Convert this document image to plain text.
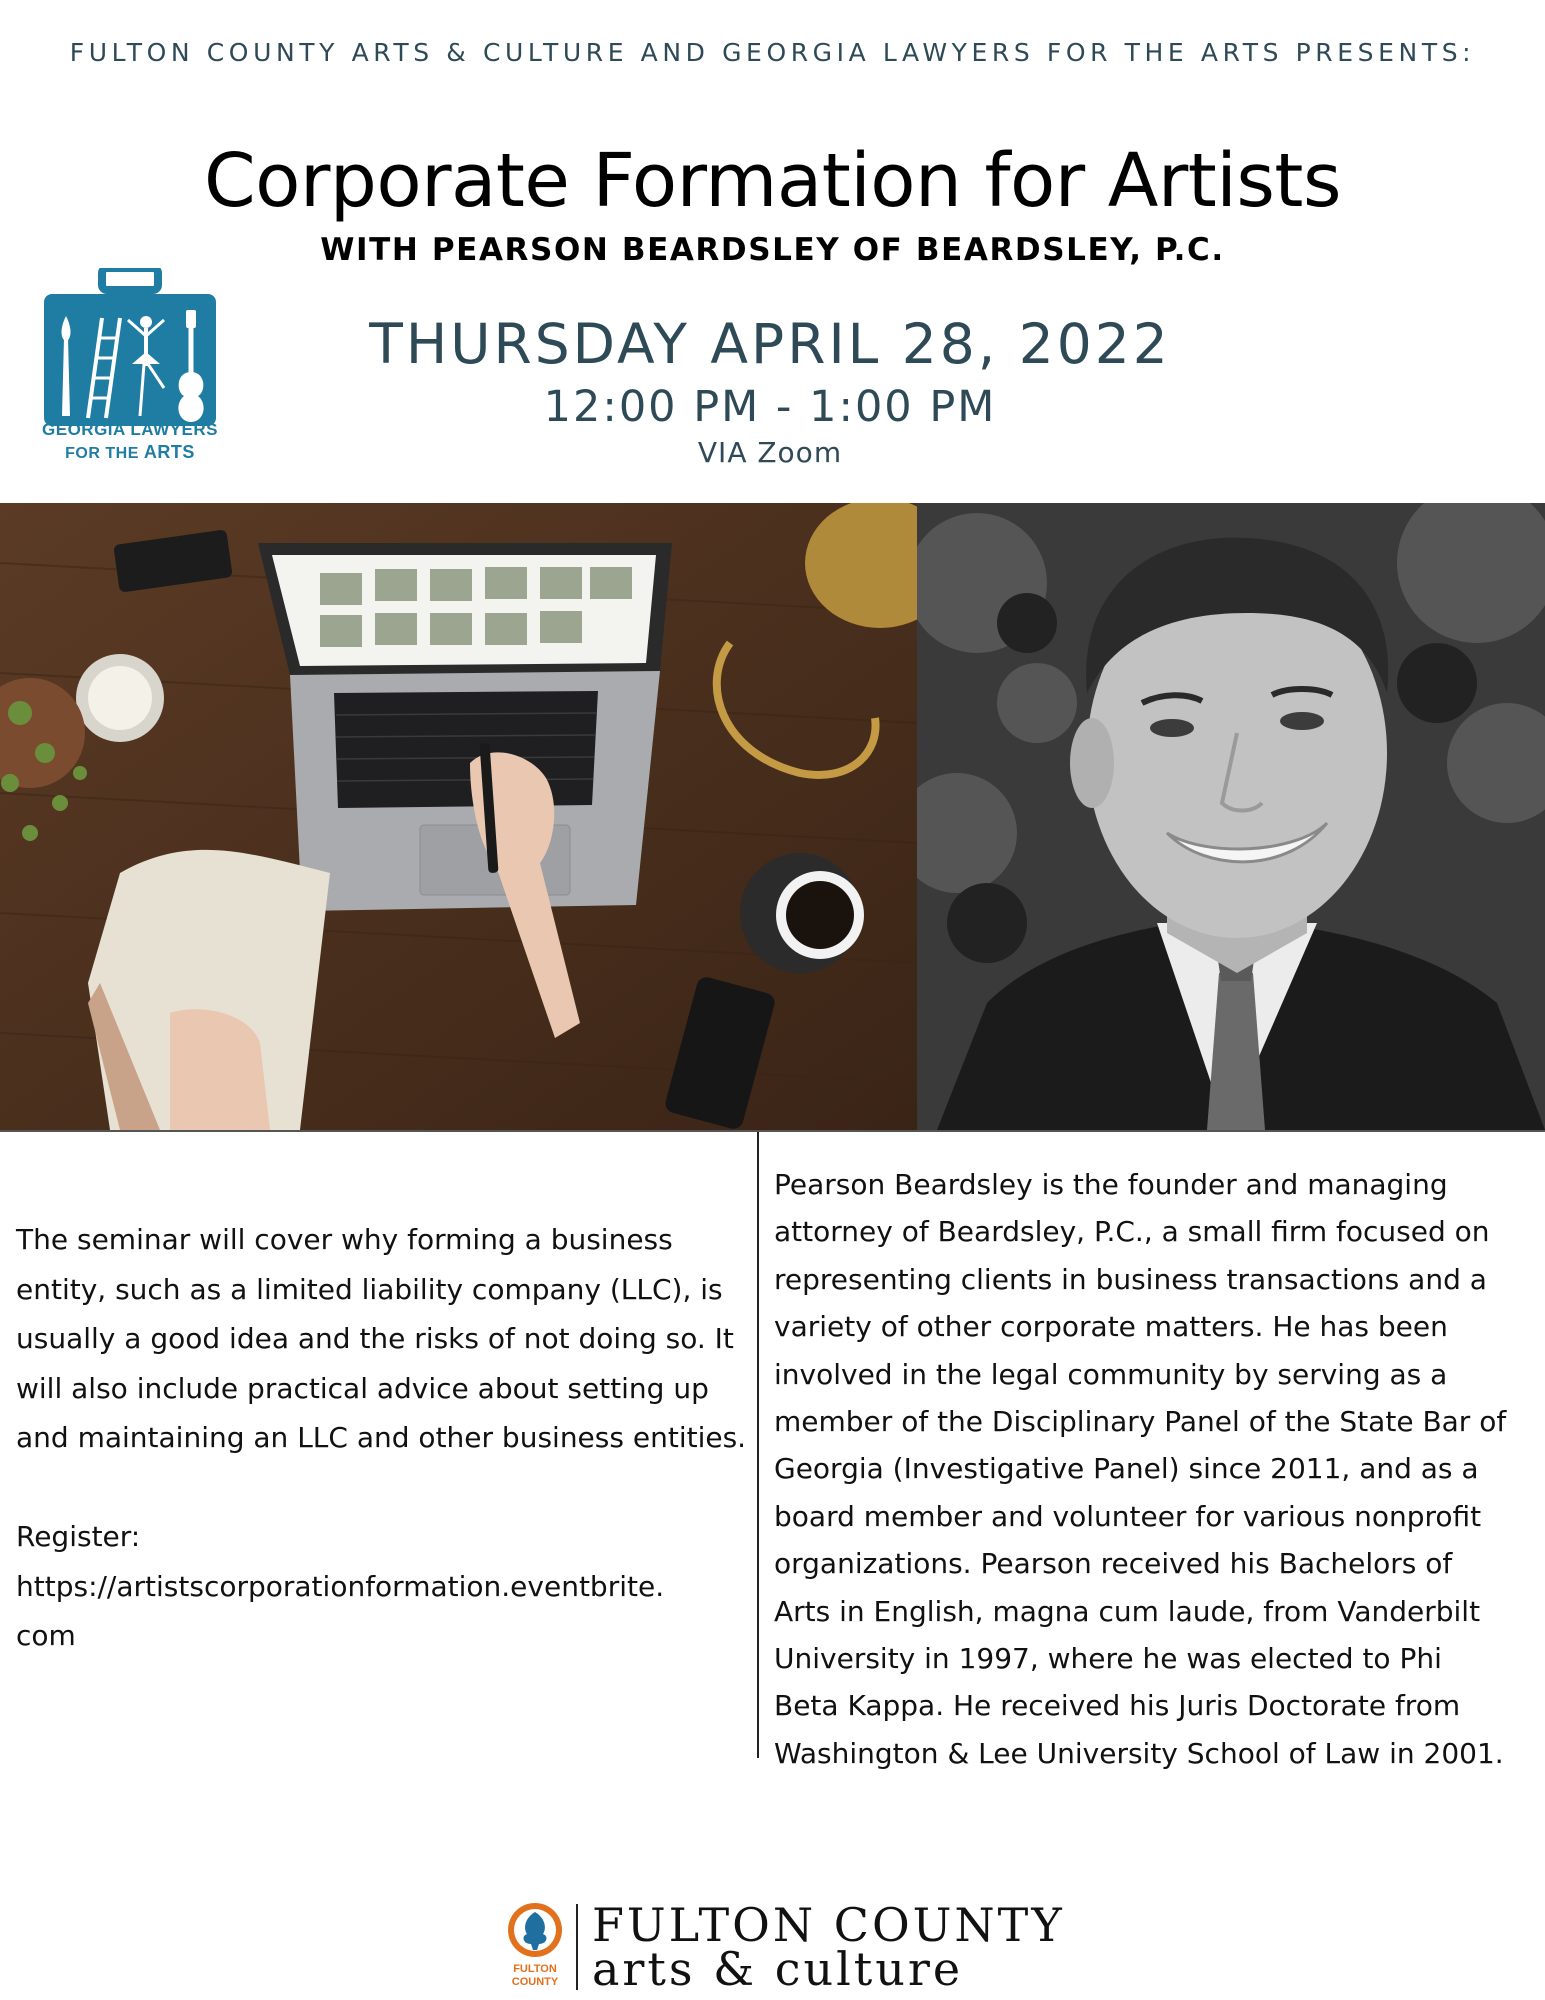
FULTON COUNTY ARTS & CULTURE AND GEORGIA LAWYERS FOR THE ARTS PRESENTS:
Corporate Formation for Artists
WITH PEARSON BEARDSLEY OF BEARDSLEY, P.C.
GEORGIA LAWYERS
FOR THE ARTS
THURSDAY APRIL 28, 2022
12:00 PM - 1:00 PM
VIA Zoom
The seminar will cover why forming a business entity, such as a limited liability company (LLC), is usually a good idea and the risks of not doing so. It will also include practical advice about setting up and maintaining an LLC and other business entities.
Register:
https://artistscorporationformation.eventbrite.
com
Pearson Beardsley is the founder and managing attorney of Beardsley, P.C., a small firm focused on representing clients in business transactions and a variety of other corporate matters. He has been involved in the legal community by serving as a member of the Disciplinary Panel of the State Bar of Georgia (Investigative Panel) since 2011, and as a board member and volunteer for various nonprofit organizations. Pearson received his Bachelors of Arts in English, magna cum laude, from Vanderbilt University in 1997, where he was elected to Phi Beta Kappa. He received his Juris Doctorate from Washington & Lee University School of Law in 2001.
FULTON
COUNTY
FULTON COUNTY
arts & culture
